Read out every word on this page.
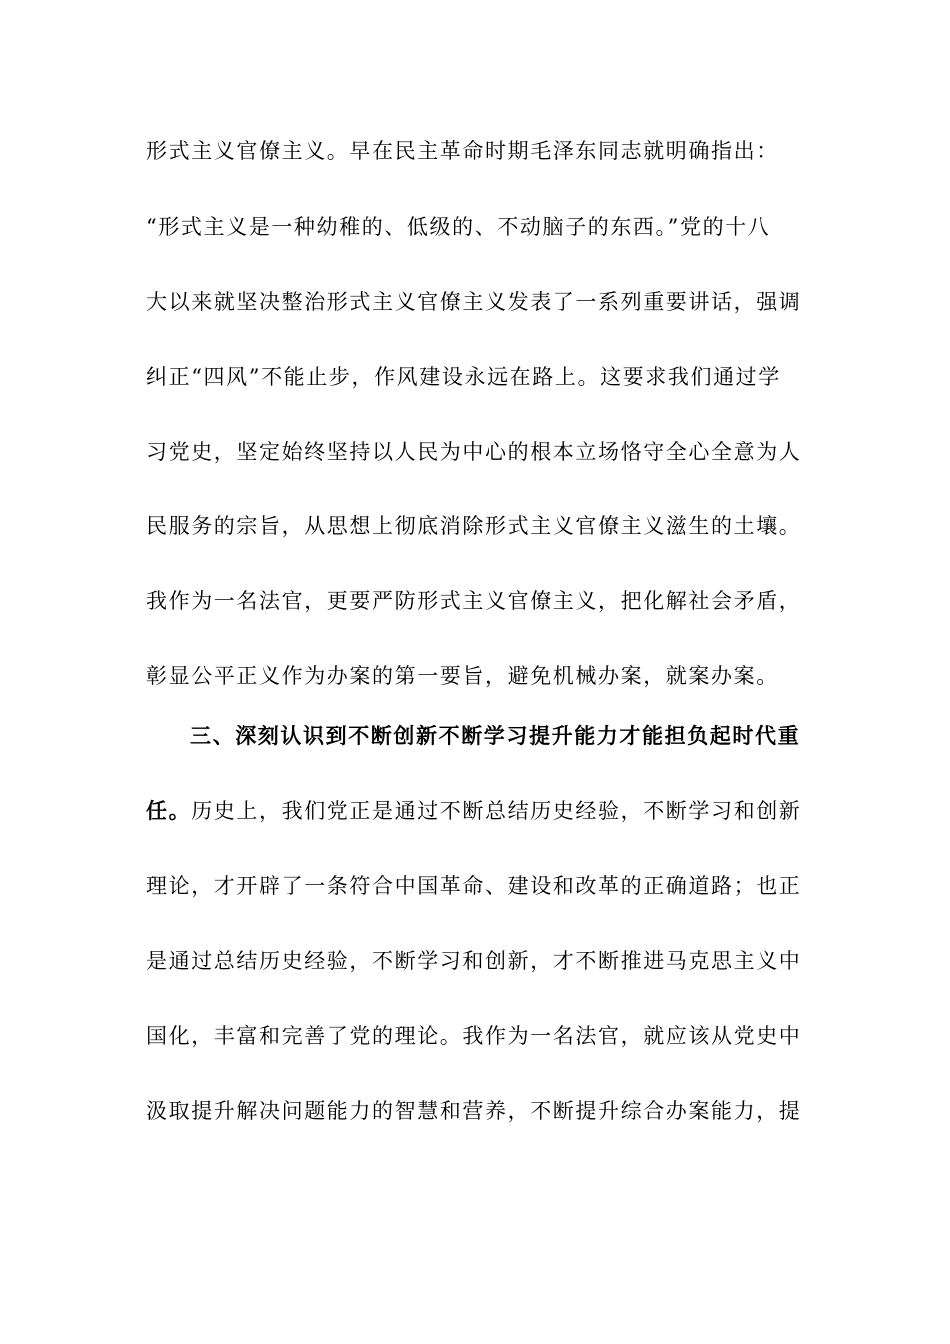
形式主义官僚主义。早在民主革命时期毛泽东同志就明确指出：
“形式主义是一种幼稚的、低级的、不动脑子的东西。”党的十八
大以来就坚决整治形式主义官僚主义发表了一系列重要讲话，强调
纠正“四风”不能止步，作风建设永远在路上。这要求我们通过学
习党史，坚定始终坚持以人民为中心的根本立场恪守全心全意为人
民服务的宗旨，从思想上彻底消除形式主义官僚主义滋生的土壤。
我作为一名法官，更要严防形式主义官僚主义，把化解社会矛盾，
彰显公平正义作为办案的第一要旨，避免机械办案，就案办案。
三、深刻认识到不断创新不断学习提升能力才能担负起时代重
任。历史上，我们党正是通过不断总结历史经验，不断学习和创新
理论，才开辟了一条符合中国革命、建设和改革的正确道路；也正
是通过总结历史经验，不断学习和创新，才不断推进马克思主义中
国化，丰富和完善了党的理论。我作为一名法官，就应该从党史中
汲取提升解决问题能力的智慧和营养，不断提升综合办案能力，提
